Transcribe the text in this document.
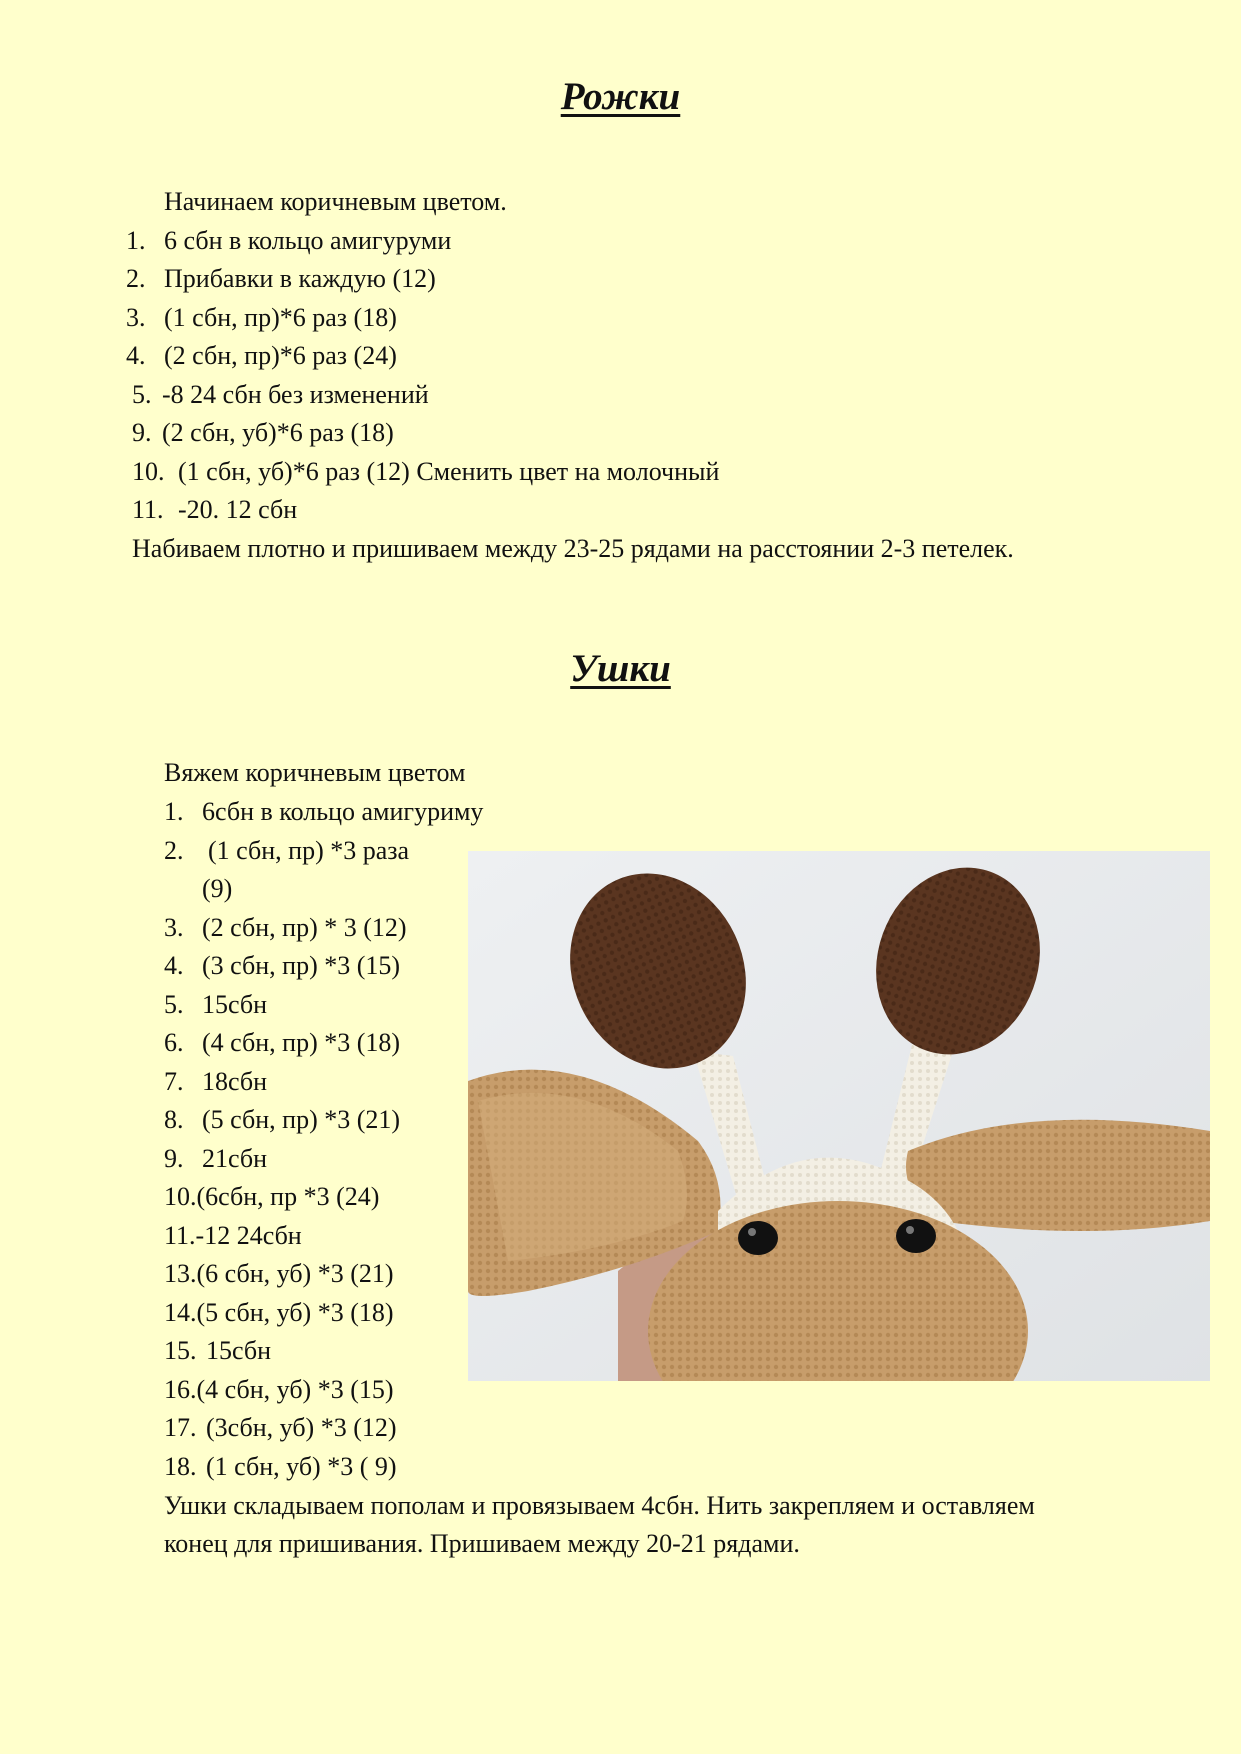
Рожки
Начинаем коричневым цветом.
1. 6 сбн в кольцо амигуруми
2. Прибавки в каждую (12)
3. (1 сбн, пр)*6 раз (18)
4. (2 сбн, пр)*6 раз (24)
5. -8 24 сбн без изменений
9. (2 сбн, уб)*6 раз (18)
10. (1 сбн, уб)*6 раз (12) Сменить цвет на молочный
11. -20. 12 сбн
Набиваем плотно и пришиваем между 23-25 рядами на расстоянии 2-3 петелек.
Ушки
Вяжем коричневым цветом
1. 6сбн в кольцо амигуриму
2. (1 сбн, пр) *3 раза
(9)
3. (2 сбн, пр) * 3 (12)
4. (3 сбн, пр) *3 (15)
5. 15сбн
6. (4 сбн, пр) *3 (18)
7. 18сбн
8. (5 сбн, пр) *3 (21)
9. 21сбн
10.(6сбн, пр *3 (24)
11.-12 24сбн
13.(6 сбн, уб) *3 (21)
14.(5 сбн, уб) *3 (18)
15. 15сбн
16.(4 сбн, уб) *3 (15)
17. (3сбн, уб) *3 (12)
18. (1 сбн, уб) *3 ( 9)
Ушки складываем пополам и провязываем 4сбн. Нить закрепляем и оставляем
конец для пришивания. Пришиваем между 20-21 рядами.
